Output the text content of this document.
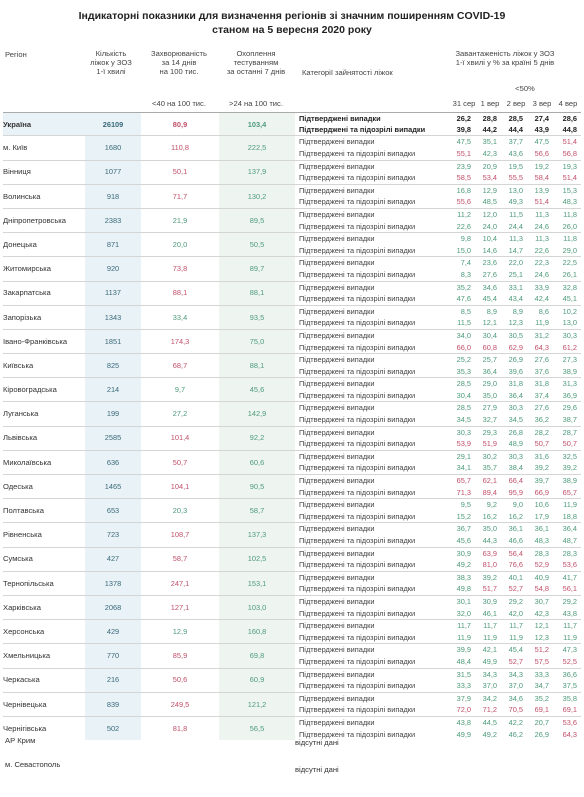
Індикаторні показники для визначення регіонів зі значним поширенням COVID-19
станом на 5 вересня 2020 року
Регіон	Кількість
ліжок у ЗОЗ
1-ї хвилі
Захворюваність
за 14 днів
на 100 тис.
Охоплення
тестуванням
за останні 7 днів	Категорії зайнятості ліжок
Завантаженість ліжок у ЗОЗ
1-ї хвилі у % за країні 5 днів
<40 на 100 тис.	>24 на 100 тис.
<50%
31 сер 1 вер 2 вер 3 вер 4 вер
Україна	26109	80,9	103,4	Підтверджені випадки	26,2	28,8	28,5	27,4	28,6
				Підтверджені та підозрілі випадки	39,8	44,2	44,4	43,9	44,8
м. Київ	1680	110,8	222,5	Підтверджені випадки	47,5	35,1	37,7	47,5	51,4
				Підтверджені та підозрілі випадки	55,1	42,3	43,6	56,6	56,8
Вінниця	1077	50,1	137,9	Підтверджені випадки	23,9	20,9	19,5	19,2	19,3
				Підтверджені та підозрілі випадки	58,5	53,4	55,5	58,4	51,4
Волинська	918	71,7	130,2	Підтверджені випадки	16,8	12,9	13,0	13,9	15,3
				Підтверджені та підозрілі випадки	55,6	48,5	49,3	51,4	48,3
Дніпропетровська	2383	21,9	89,5	Підтверджені випадки	11,2	12,0	11,5	11,3	11,8
				Підтверджені та підозрілі випадки	22,6	24,0	24,4	24,6	26,0
Донецька	871	20,0	50,5	Підтверджені випадки	9,8	10,4	11,3	11,3	11,8
				Підтверджені та підозрілі випадки	15,0	14,6	14,7	22,6	29,0
Житомирська	920	73,8	89,7	Підтверджені випадки	7,4	23,6	22,0	22,3	22,5
				Підтверджені та підозрілі випадки	8,3	27,6	25,1	24,6	26,1
Закарпатська	1137	88,1	88,1	Підтверджені випадки	35,2	34,6	33,1	33,9	32,8
				Підтверджені та підозрілі випадки	47,6	45,4	43,4	42,4	45,1
Запорізька	1343	33,4	93,5	Підтверджені випадки	8,5	8,9	8,9	8,6	10,2
				Підтверджені та підозрілі випадки	11,5	12,1	12,3	11,9	13,0
Івано-Франківська	1851	174,3	75,0	Підтверджені випадки	34,0	30,4	30,5	31,2	30,3
				Підтверджені та підозрілі випадки	66,0	60,8	62,9	64,3	61,2
Київська	825	68,7	88,1	Підтверджені випадки	25,2	25,7	26,9	27,6	27,3
				Підтверджені та підозрілі випадки	35,3	36,4	39,6	37,6	38,9
Кіровоградська	214	9,7	45,6	Підтверджені випадки	28,5	29,0	31,8	31,8	31,3
				Підтверджені та підозрілі випадки	30,4	35,0	36,4	37,4	36,9
Луганська	199	27,2	142,9	Підтверджені випадки	28,5	27,9	30,3	27,6	29,6
				Підтверджені та підозрілі випадки	34,5	32,7	34,5	36,2	38,7
Львівська	2585	101,4	92,2	Підтверджені випадки	30,3	29,3	26,8	28,2	28,7
				Підтверджені та підозрілі випадки	53,9	51,9	48,9	50,7	50,7
Миколаївська	636	50,7	60,6	Підтверджені випадки	29,1	30,2	30,3	31,6	32,5
				Підтверджені та підозрілі випадки	34,1	35,7	38,4	39,2	39,2
Одеська	1465	104,1	90,5	Підтверджені випадки	65,7	62,1	66,4	39,7	38,9
				Підтверджені та підозрілі випадки	71,3	89,4	95,9	66,9	65,7
Полтавська	653	20,3	58,7	Підтверджені випадки	9,5	9,2	9,0	10,6	11,9
				Підтверджені та підозрілі випадки	15,2	16,2	16,2	17,9	18,8
Рівненська	723	108,7	137,3	Підтверджені випадки	36,7	35,0	36,1	36,1	36,4
				Підтверджені та підозрілі випадки	45,6	44,3	46,6	48,3	48,7
Сумська	427	58,7	102,5	Підтверджені випадки	30,9	63,9	56,4	28,3	28,3
				Підтверджені та підозрілі випадки	49,2	81,0	76,6	52,9	53,6
Тернопільська	1378	247,1	153,1	Підтверджені випадки	38,3	39,2	40,1	40,9	41,7
				Підтверджені та підозрілі випадки	49,8	51,7	52,7	54,8	56,1
Харківська	2068	127,1	103,0	Підтверджені випадки	30,1	30,9	29,2	30,7	29,2
				Підтверджені та підозрілі випадки	32,0	46,1	42,0	42,3	43,8
Херсонська	429	12,9	160,8	Підтверджені випадки	11,7	11,7	11,7	12,1	11,7
				Підтверджені та підозрілі випадки	11,9	11,9	11,9	12,3	11,9
Хмельницька	770	85,9	69,8	Підтверджені випадки	39,9	42,1	45,4	51,2	47,3
				Підтверджені та підозрілі випадки	48,4	49,9	52,7	57,5	52,5
Черкаська	216	50,6	60,9	Підтверджені випадки	31,5	34,3	34,3	33,3	36,6
				Підтверджені та підозрілі випадки	33,3	37,0	37,0	34,7	37,5
Чернівецька	839	249,5	121,2	Підтверджені випадки	37,9	34,2	34,6	35,2	35,8
				Підтверджені та підозрілі випадки	72,0	71,2	70,5	69,1	69,1
Чернігівська	502	81,8	56,5	Підтверджені випадки	43,8	44,5	42,2	20,7	53,6
				Підтверджені та підозрілі випадки	49,9	49,2	46,2	26,9	64,3
АР Крим	відсутні дані
м. Севастополь
відсутні дані
